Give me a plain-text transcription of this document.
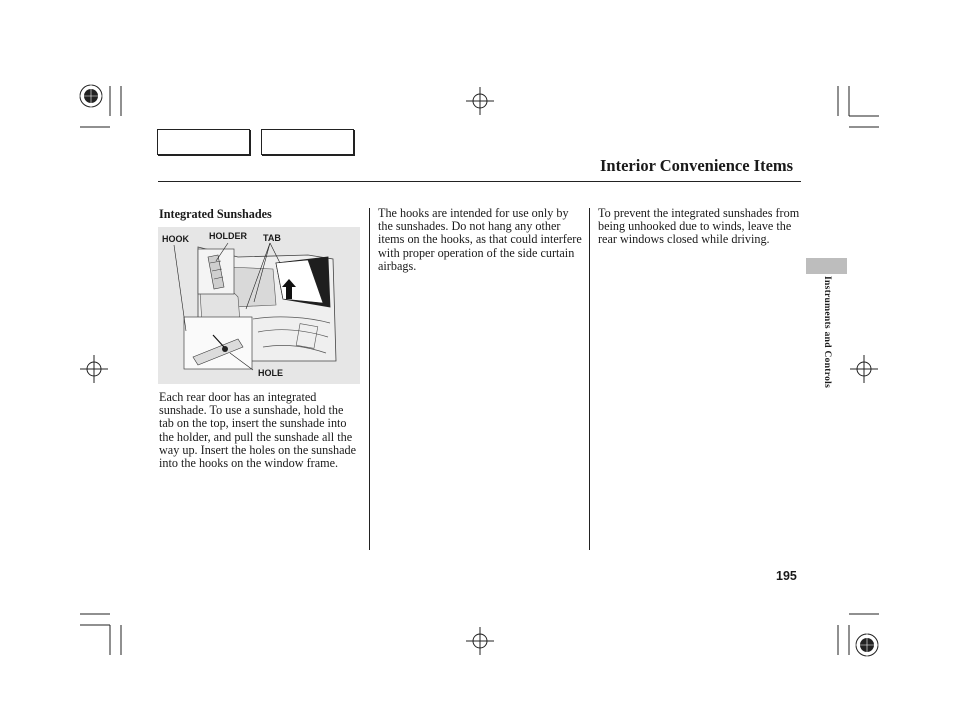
Interior Convenience Items
Integrated Sunshades
HOOK HOLDER TAB
HOLE
Each rear door has an integrated sunshade. To use a sunshade, hold the tab on the top, insert the sunshade into the holder, and pull the sunshade all the way up. Insert the holes on the sunshade into the hooks on the window frame.
The hooks are intended for use only by the sunshades. Do not hang any other items on the hooks, as that could interfere with proper operation of the side curtain airbags.
To prevent the integrated sunshades from being unhooked due to winds, leave the rear windows closed while driving.
Instruments and Controls
195
